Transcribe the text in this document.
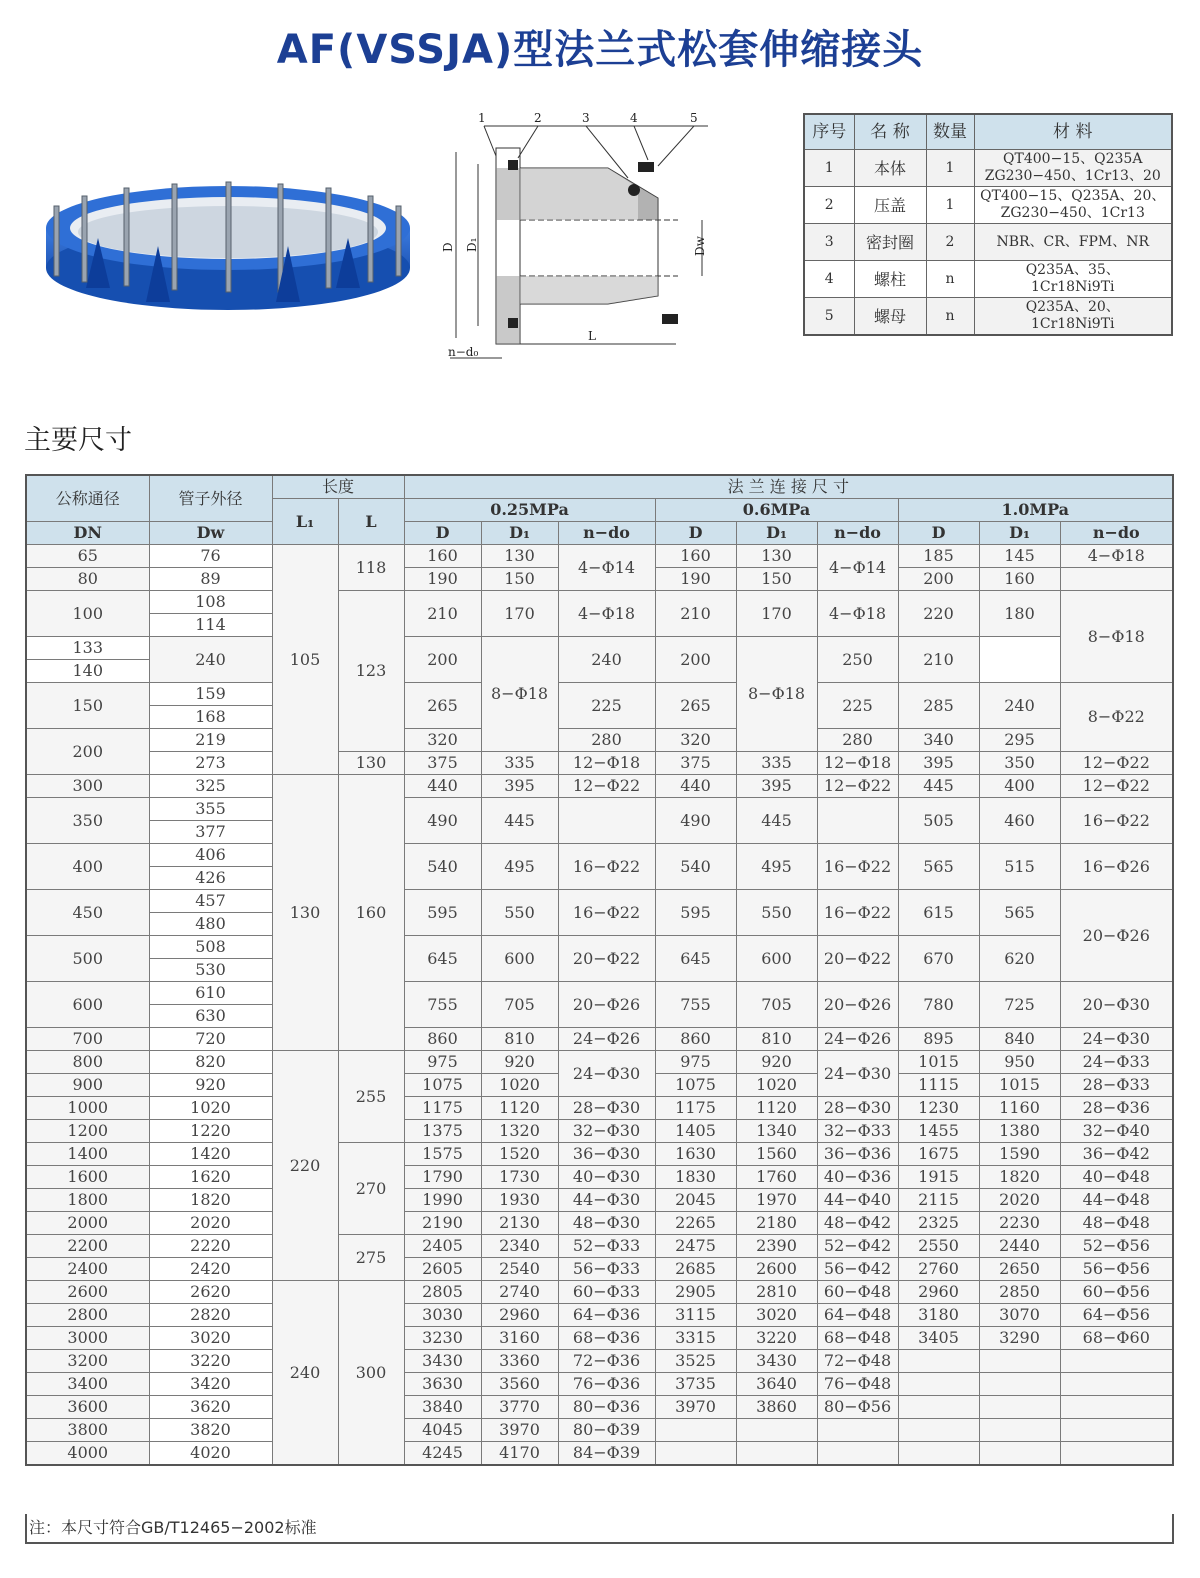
AF(VSSJA)型法兰式松套伸缩接头
1	2	3	4	5
D D₁	Dw
L
n−d₀
序号	名 称	数量	材 料
1	本体	1	QT400−15、Q235A
ZG230−450、1Cr13、20

2	压盖	1	QT400−15、Q235A、20、
ZG230−450、1Cr13

3	密封圈	2	NBR、CR、FPM、NR

4	螺柱	n	Q235A、35、
1Cr18Ni9Ti

5	螺母	n	Q235A、20、
1Cr18Ni9Ti
主要尺寸
公称通径	管子外径	长度		法 兰 连 接 尺 寸								
		L₁	L	0.25MPa			0.6MPa			1.0MPa		
DN	Dw			D	D₁	n−do	D	D₁	n−do	D	D₁	n−do
65	76	105	118	160	130	4−Φ14	160	130	4−Φ14	185	145	4−Φ18
80	89			190	150		190	150		200	160	
100	108		123	210	170	4−Φ18	210	170	4−Φ18	220	180	8−Φ18
	114											
133	240			200	8−Φ18	240	200	8−Φ18	250	210		
140												
150	159			265		225	265		225	285	240	8−Φ22
	168											
200	219			320		280	320		280	340	295	
	273		130	375	335	12−Φ18	375	335	12−Φ18	395	350	12−Φ22
300	325	130	160	440	395	12−Φ22	440	395	12−Φ22	445	400	12−Φ22
350	355			490	445		490	445		505	460	16−Φ22
	377											
400	406			540	495	16−Φ22	540	495	16−Φ22	565	515	16−Φ26
	426											
450	457			595	550	16−Φ22	595	550	16−Φ22	615	565	20−Φ26
	480											
500	508			645	600	20−Φ22	645	600	20−Φ22	670	620	
	530											
600	610			755	705	20−Φ26	755	705	20−Φ26	780	725	20−Φ30
	630											
700	720			860	810	24−Φ26	860	810	24−Φ26	895	840	24−Φ30
800	820	220	255	975	920	24−Φ30	975	920	24−Φ30	1015	950	24−Φ33
900	920			1075	1020		1075	1020		1115	1015	28−Φ33
1000	1020			1175	1120	28−Φ30	1175	1120	28−Φ30	1230	1160	28−Φ36
1200	1220			1375	1320	32−Φ30	1405	1340	32−Φ33	1455	1380	32−Φ40
1400	1420		270	1575	1520	36−Φ30	1630	1560	36−Φ36	1675	1590	36−Φ42
1600	1620			1790	1730	40−Φ30	1830	1760	40−Φ36	1915	1820	40−Φ48
1800	1820			1990	1930	44−Φ30	2045	1970	44−Φ40	2115	2020	44−Φ48
2000	2020			2190	2130	48−Φ30	2265	2180	48−Φ42	2325	2230	48−Φ48
2200	2220		275	2405	2340	52−Φ33	2475	2390	52−Φ42	2550	2440	52−Φ56
2400	2420			2605	2540	56−Φ33	2685	2600	56−Φ42	2760	2650	56−Φ56
2600	2620	240	300	2805	2740	60−Φ33	2905	2810	60−Φ48	2960	2850	60−Φ56
2800	2820			3030	2960	64−Φ36	3115	3020	64−Φ48	3180	3070	64−Φ56
3000	3020			3230	3160	68−Φ36	3315	3220	68−Φ48	3405	3290	68−Φ60
3200	3220			3430	3360	72−Φ36	3525	3430	72−Φ48			
3400	3420			3630	3560	76−Φ36	3735	3640	76−Φ48			
3600	3620			3840	3770	80−Φ36	3970	3860	80−Φ56			
3800	3820			4045	3970	80−Φ39						
4000	4020			4245	4170	84−Φ39						
注：本尺寸符合GB/T12465−2002标准
